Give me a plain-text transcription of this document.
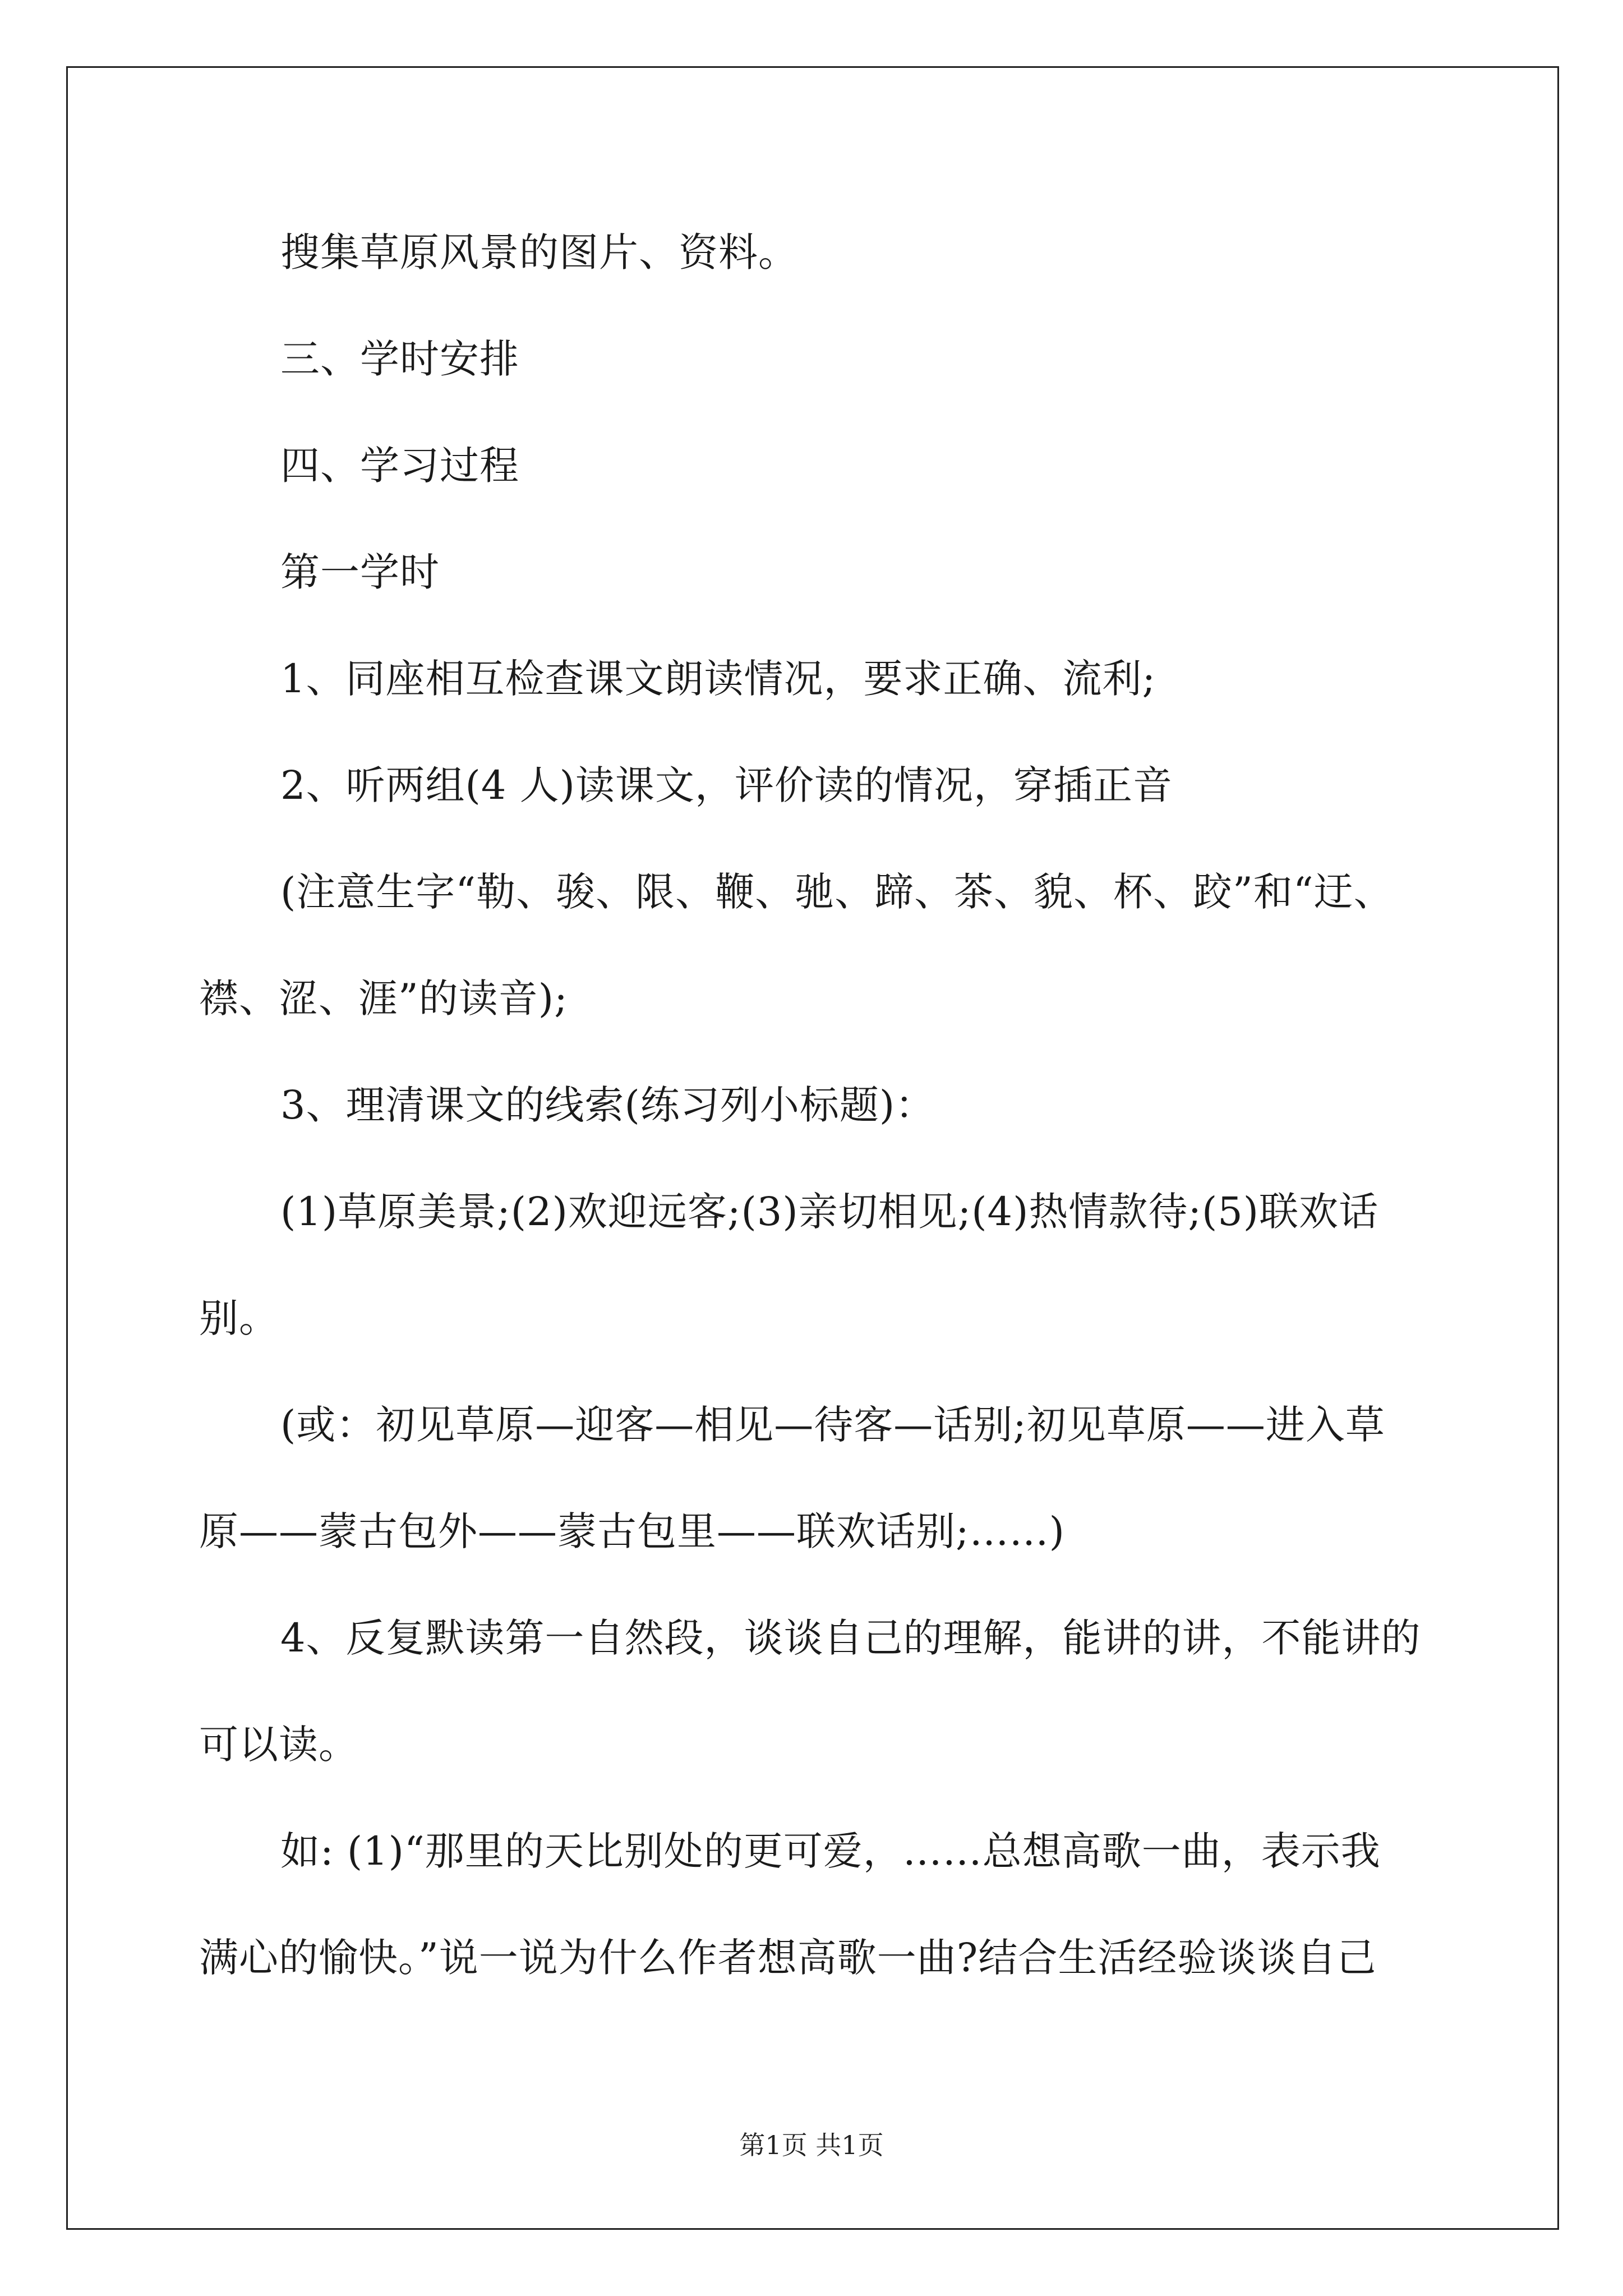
搜集草原风景的图片、资料。
三、学时安排
四、学习过程
第一学时
1、同座相互检查课文朗读情况，要求正确、流利;
2、听两组(4 人)读课文，评价读的情况，穿插正音
(注意生字“勒、骏、限、鞭、驰、蹄、茶、貌、杯、跤”和“迂、
襟、涩、涯”的读音);
3、理清课文的线索(练习列小标题)：
(1)草原美景;(2)欢迎远客;(3)亲切相见;(4)热情款待;(5)联欢话
别。
(或：初见草原—迎客—相见—待客—话别;初见草原——进入草
原——蒙古包外——蒙古包里——联欢话别;……)
4、反复默读第一自然段，谈谈自己的理解，能讲的讲，不能讲的
可以读。
如: (1)“那里的天比别处的更可爱，……总想高歌一曲，表示我
满心的愉快。”说一说为什么作者想高歌一曲?结合生活经验谈谈自己
第1页 共1页
